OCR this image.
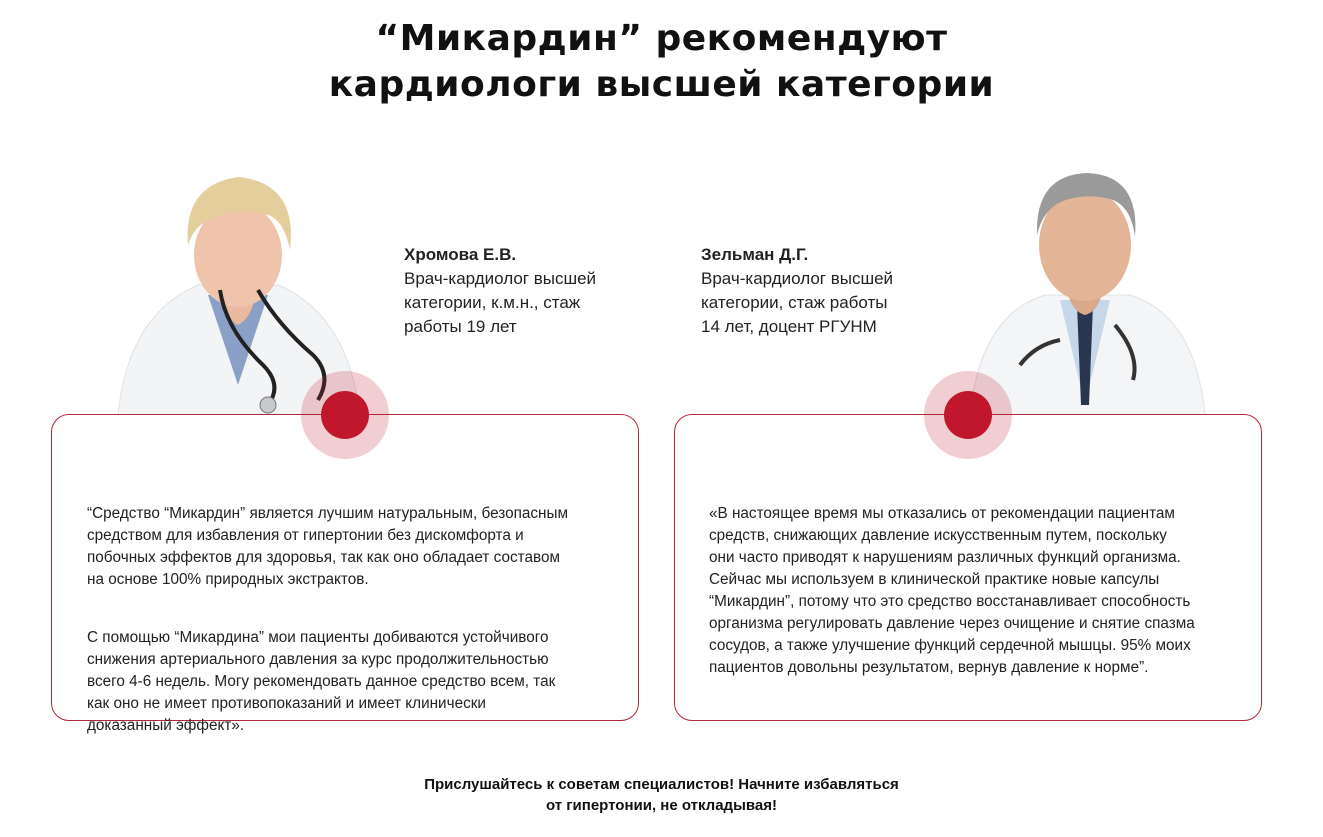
“Микардин” рекомендуют
кардиологи высшей категории
Хромова Е.В.
Врач-кардиолог высшей
категории, к.м.н., стаж
работы 19 лет
Зельман Д.Г.
Врач-кардиолог высшей
категории, стаж работы
14 лет, доцент РГУНМ

“Средство “Микардин” является лучшим натуральным, безопасным
средством для избавления от гипертонии без дискомфорта и
побочных эффектов для здоровья, так как оно обладает составом
на основе 100% природных экстрактов.

С помощью “Микардина” мои пациенты добиваются устойчивого
снижения артериального давления за курс продолжительностью
всего 4-6 недель. Могу рекомендовать данное средство всем, так
как оно не имеет противопоказаний и имеет клинически
доказанный эффект».

«В настоящее время мы отказались от рекомендации пациентам
средств, снижающих давление искусственным путем, поскольку
они часто приводят к нарушениям различных функций организма.
Сейчас мы используем в клинической практике новые капсулы
“Микардин”, потому что это средство восстанавливает способность
организма регулировать давление через очищение и снятие спазма
сосудов, а также улучшение функций сердечной мышцы. 95% моих
пациентов довольны результатом, вернув давление к норме”.

Прислушайтесь к советам специалистов! Начните избавляться
от гипертонии, не откладывая!
